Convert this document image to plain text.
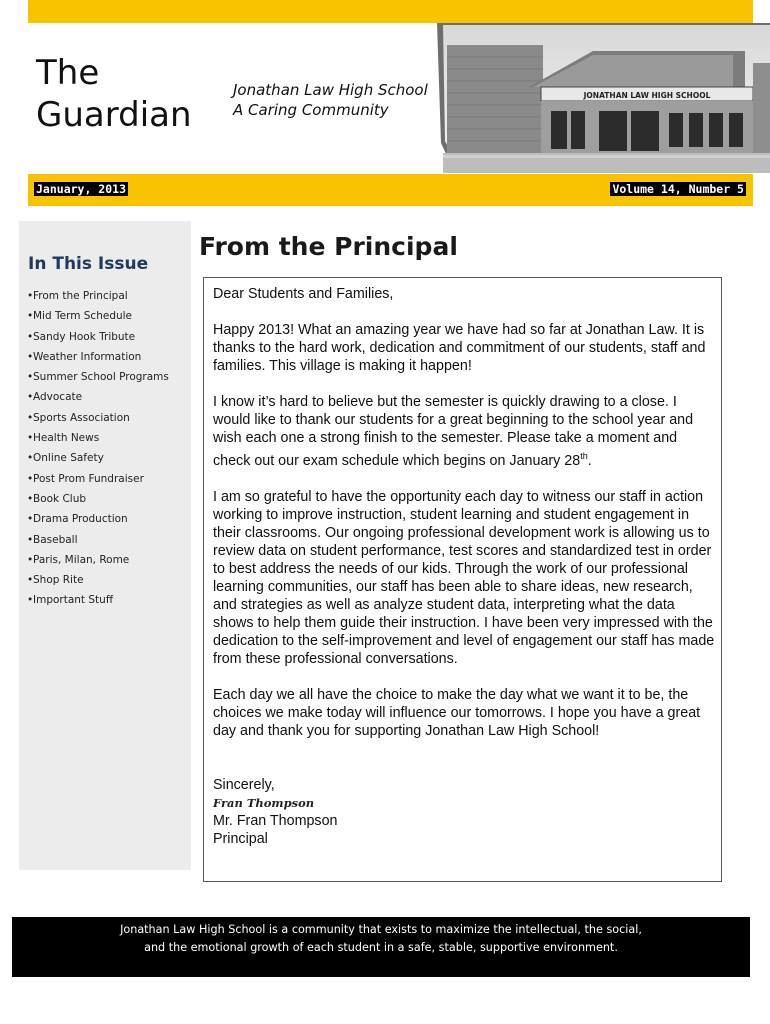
The
Guardian
Jonathan Law High School
A Caring Community
JONATHAN LAW HIGH SCHOOL
January, 2013	Volume 14, Number 5
In This Issue
•From the Principal
•Mid Term Schedule
•Sandy Hook Tribute
•Weather Information
•Summer School Programs
•Advocate
•Sports Association
•Health News
•Online Safety
•Post Prom Fundraiser
•Book Club
•Drama Production
•Baseball
•Paris, Milan, Rome
•Shop Rite
•Important Stuff
From the Principal

Dear Students and Families,

Happy 2013! What an amazing year we have had so far at Jonathan Law. It is thanks to the hard work, dedication and commitment of our students, staff and families. This village is making it happen!

I know it’s hard to believe but the semester is quickly drawing to a close. I would like to thank our students for a great beginning to the school year and wish each one a strong finish to the semester. Please take a moment and check out our exam schedule which begins on January 28th.

I am so grateful to have the opportunity each day to witness our staff in action working to improve instruction, student learning and student engagement in their classrooms. Our ongoing professional development work is allowing us to review data on student performance, test scores and standardized test in order to best address the needs of our kids. Through the work of our professional learning communities, our staff has been able to share ideas, new research, and strategies as well as analyze student data, interpreting what the data shows to help them guide their instruction. I have been very impressed with the dedication to the self-improvement and level of engagement our staff has made from these professional conversations.

Each day we all have the choice to make the day what we want it to be, the choices we make today will influence our tomorrows. I hope you have a great day and thank you for supporting Jonathan Law High School!

Sincerely,
Fran Thompson
Mr. Fran Thompson
Principal

Jonathan Law High School is a community that exists to maximize the intellectual, the social,
and the emotional growth of each student in a safe, stable, supportive environment.
